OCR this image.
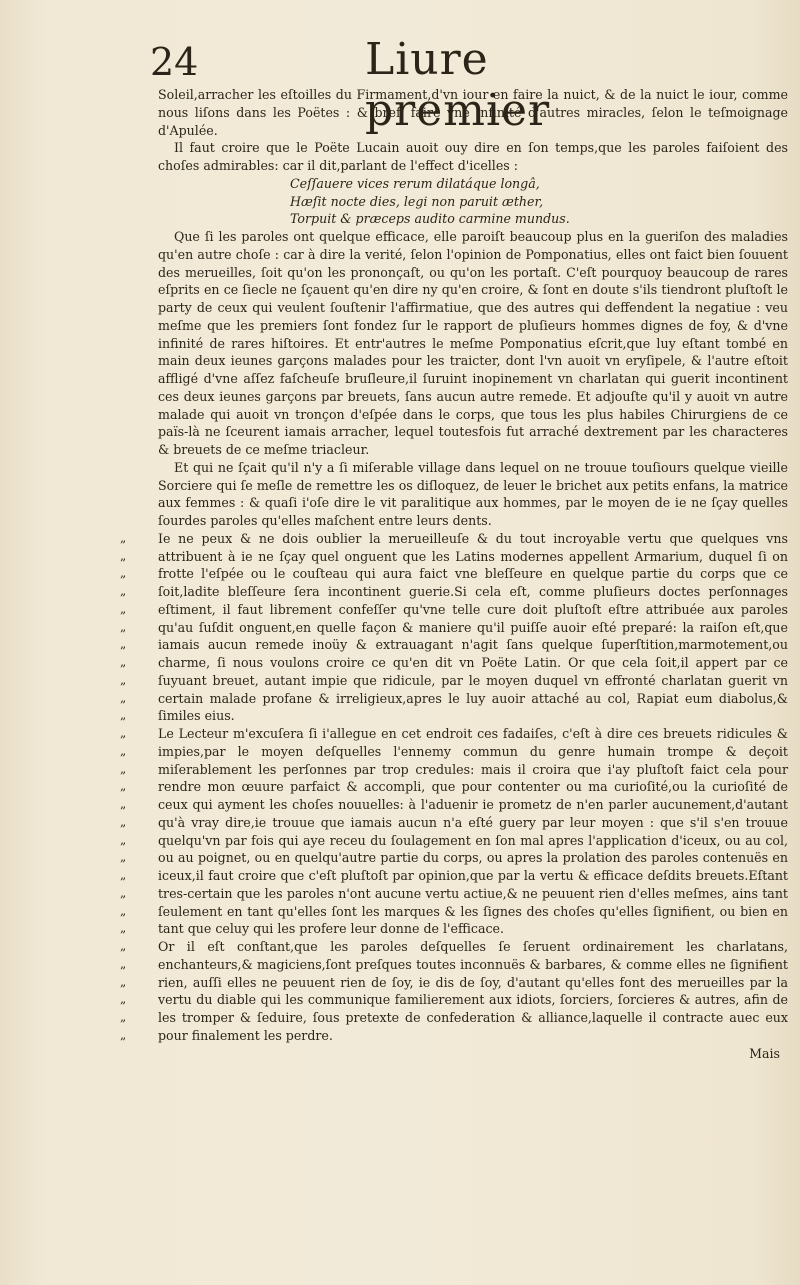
24	Liure premier

Soleil,arracher les eſtoilles du Firmament,d'vn iour en faire la nuict, & de la nuict le iour, comme nous liſons dans les Poëtes : & bref, faire vne infinité d'autres miracles, ſelon le teſmoignage d'Apulée.

Il faut croire que le Poëte Lucain auoit ouy dire en ſon temps,que les paroles faiſoient des choſes admirables: car il dit,parlant de l'effect d'icelles :

Ceſſauere vices rerum dilatáque longâ,

Hæſit nocte dies, legi non paruit æther,

Torpuit & præceps audito carmine mundus.

Que ſi les paroles ont quelque efficace, elle paroiſt beaucoup plus en la gueriſon des maladies qu'en autre choſe : car à dire la verité, ſelon l'opinion de Pomponatius, elles ont faict bien ſouuent des merueilles, ſoit qu'on les prononçaſt, ou qu'on les portaſt. C'eſt pourquoy beaucoup de rares eſprits en ce ſiecle ne ſçauent qu'en dire ny qu'en croire, & ſont en doute s'ils tiendront pluſtoſt le party de ceux qui veulent ſouſtenir l'affirmatiue, que des autres qui deffendent la negatiue : veu meſme que les premiers ſont fondez ſur le rapport de pluſieurs hommes dignes de foy, & d'vne infinité de rares hiſtoires. Et entr'autres le meſme Pomponatius eſcrit,que luy eſtant tombé en main deux ieunes garçons malades pour les traicter, dont l'vn auoit vn eryſipele, & l'autre eſtoit affligé d'vne aſſez faſcheuſe bruſleure,il ſuruint inopinement vn charlatan qui guerit incontinent ces deux ieunes garçons par breuets, ſans aucun autre remede. Et adjouſte qu'il y auoit vn autre malade qui auoit vn tronçon d'eſpée dans le corps, que tous les plus habiles Chirurgiens de ce païs-là ne ſceurent iamais arracher, lequel toutesfois fut arraché dextrement par les characteres & breuets de ce meſme triacleur.

Et qui ne ſçait qu'il n'y a ſi miſerable village dans lequel on ne trouue touſiours quelque vieille Sorciere qui ſe meſle de remettre les os diſloquez, de leuer le brichet aux petits enfans, la matrice aux femmes : & quaſi i'oſe dire le vit paralitique aux hommes, par le moyen de ie ne ſçay quelles ſourdes paroles qu'elles maſchent entre leurs dents.

Ie ne peux & ne dois oublier la merueilleuſe & du tout incroyable vertu que quelques vns attribuent à ie ne ſçay quel onguent que les Latins modernes appellent Armarium, duquel ſi on frotte l'eſpée ou le couſteau qui aura faict vne bleſſeure en quelque partie du corps que ce ſoit,ladite bleſſeure ſera incontinent guerie.Si cela eſt, comme pluſieurs doctes perſonnages eſtiment, il faut librement confeſſer qu'vne telle cure doit pluſtoſt eſtre attribuée aux paroles qu'au ſuſdit onguent,en quelle façon & maniere qu'il puiſſe auoir eſté preparé: la raiſon eſt,que iamais aucun remede inoüy & extrauagant n'agit ſans quelque ſuperſtition,marmotement,ou charme, ſi nous voulons croire ce qu'en dit vn Poëte Latin. Or que cela ſoit,il appert par ce ſuyuant breuet, autant impie que ridicule, par le moyen duquel vn effronté charlatan guerit vn certain malade profane & irreligieux,apres le luy auoir attaché au col, Rapiat eum diabolus,& ſimiles eius.
„
„
„
„
„
„
„
„
„
„
„

Le Lecteur m'excuſera ſi i'allegue en cet endroit ces fadaiſes, c'eſt à dire ces breuets ridicules & impies,par le moyen deſquelles l'ennemy commun du genre humain trompe & deçoit miſerablement les perſonnes par trop credules: mais il croira que i'ay pluſtoſt faict cela pour rendre mon œuure parfaict & accompli, que pour contenter ou ma curioſité,ou la curioſité de ceux qui ayment les choſes nouuelles: à l'aduenir ie prometz de n'en parler aucunement,d'autant qu'à vray dire,ie trouue que iamais aucun n'a eſté guery par leur moyen : que s'il s'en trouue quelqu'vn par fois qui aye receu du ſoulagement en ſon mal apres l'application d'iceux, ou au col, ou au poignet, ou en quelqu'autre partie du corps, ou apres la prolation des paroles contenuës en iceux,il faut croire que c'eſt pluſtoſt par opinion,que par la vertu & efficace deſdits breuets.Eſtant tres-certain que les paroles n'ont aucune vertu actiue,& ne peuuent rien d'elles meſmes, ains tant ſeulement en tant qu'elles ſont les marques & les ſignes des choſes qu'elles ſignifient, ou bien en tant que celuy qui les profere leur donne de l'efficace.
„
„
„
„
„
„
„
„
„
„
„
„

Or il eſt conſtant,que les paroles deſquelles ſe ſeruent ordinairement les charlatans, enchanteurs,& magiciens,ſont preſques toutes inconnuës & barbares, & comme elles ne ſignifient rien, auſſi elles ne peuuent rien de ſoy, ie dis de ſoy, d'autant qu'elles font des merueilles par la vertu du diable qui les communique familierement aux idiots, ſorciers, ſorcieres & autres, afin de les tromper & ſeduire, ſous pretexte de confederation & alliance,laquelle il contracte auec eux pour finalement les perdre.
„
„
„
„
„
„

Mais
